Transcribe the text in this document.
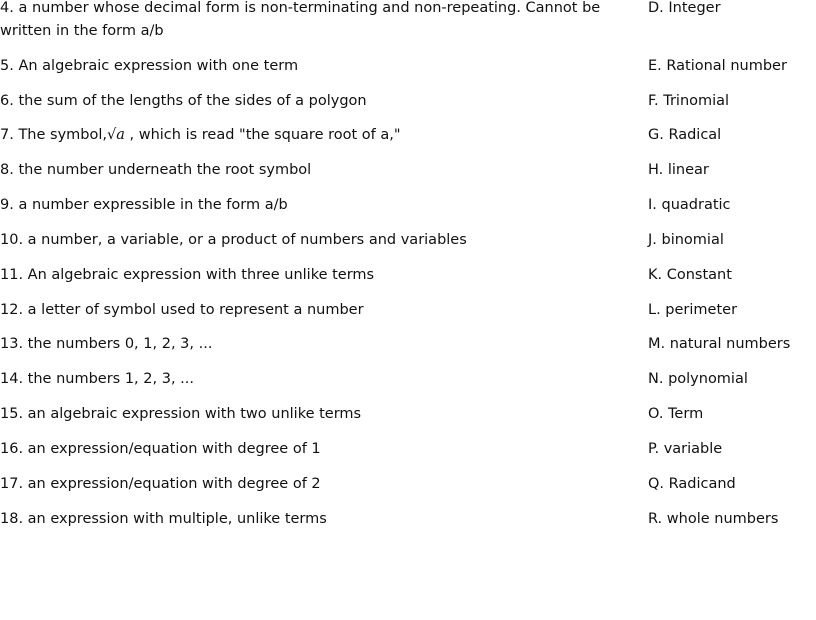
4. a number whose decimal form is non-terminating and non-repeating. Cannot be written in the form a/b
5. An algebraic expression with one term
6. the sum of the lengths of the sides of a polygon
7. The symbol,√a , which is read "the square root of a,"
8. the number underneath the root symbol
9. a number expressible in the form a/b
10. a number, a variable, or a product of numbers and variables
11. An algebraic expression with three unlike terms
12. a letter of symbol used to represent a number
13. the numbers 0, 1, 2, 3, ...
14. the numbers 1, 2, 3, ...
15. an algebraic expression with two unlike terms
16. an expression/equation with degree of 1
17. an expression/equation with degree of 2
18. an expression with multiple, unlike terms
D. Integer
E. Rational number
F. Trinomial
G. Radical
H. linear
I. quadratic
J. binomial
K. Constant
L. perimeter
M. natural numbers
N. polynomial
O. Term
P. variable
Q. Radicand
R. whole numbers
